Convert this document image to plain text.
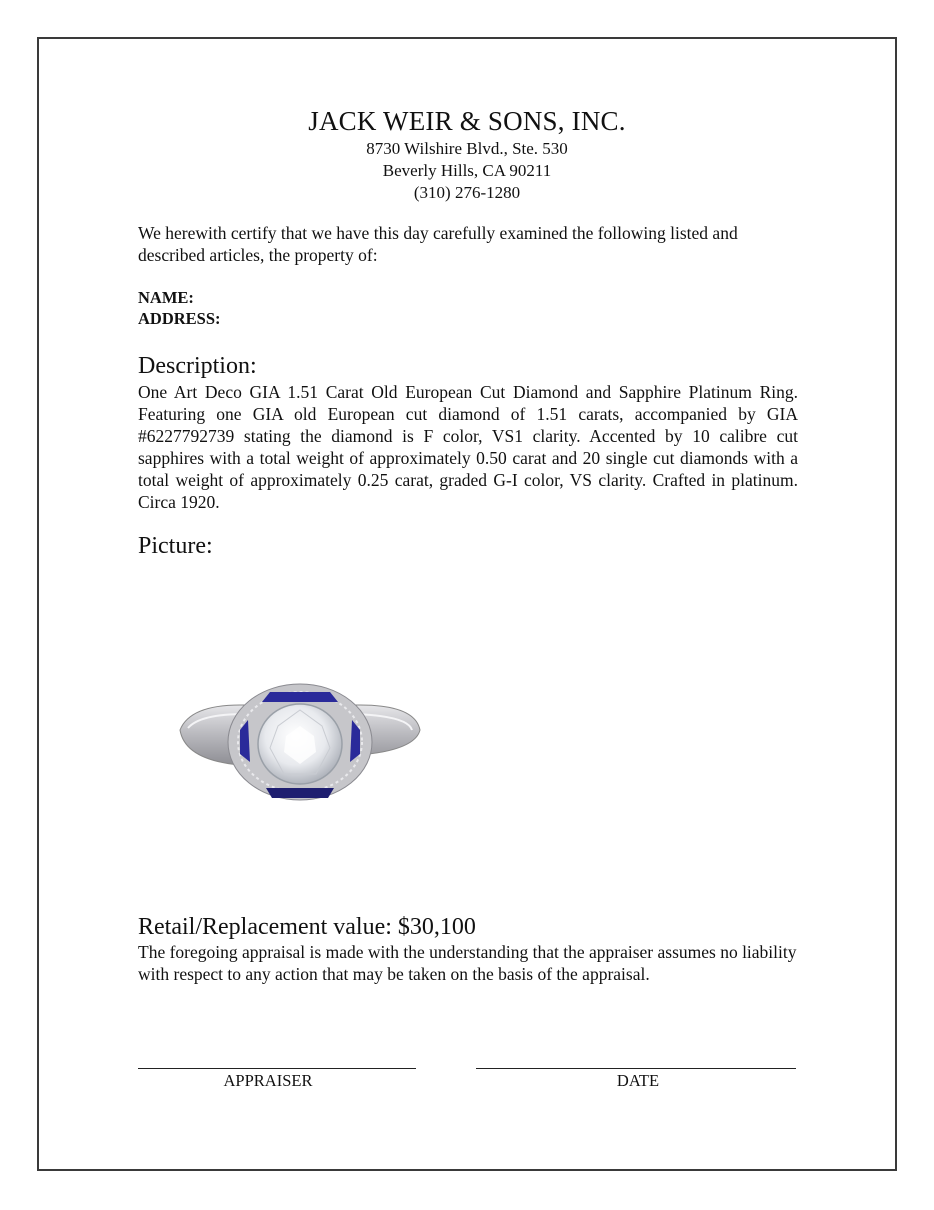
JACK WEIR & SONS, INC.
8730 Wilshire Blvd., Ste. 530
Beverly Hills, CA 90211
(310) 276-1280
We herewith certify that we have this day carefully examined the following listed and described articles, the property of:
NAME:
ADDRESS:
Description:
One Art Deco GIA 1.51 Carat Old European Cut Diamond and Sapphire Platinum Ring. Featuring one GIA old European cut diamond of 1.51 carats, accompanied by GIA #6227792739 stating the diamond is F color, VS1 clarity. Accented by 10 calibre cut sapphires with a total weight of approximately 0.50 carat and 20 single cut diamonds with a total weight of approximately 0.25 carat, graded G-I color, VS clarity. Crafted in platinum. Circa 1920.
Picture:
Retail/Replacement value: $30,100
The foregoing appraisal is made with the understanding that the appraiser assumes no liability with respect to any action that may be taken on the basis of the appraisal.
APPRAISER	DATE
